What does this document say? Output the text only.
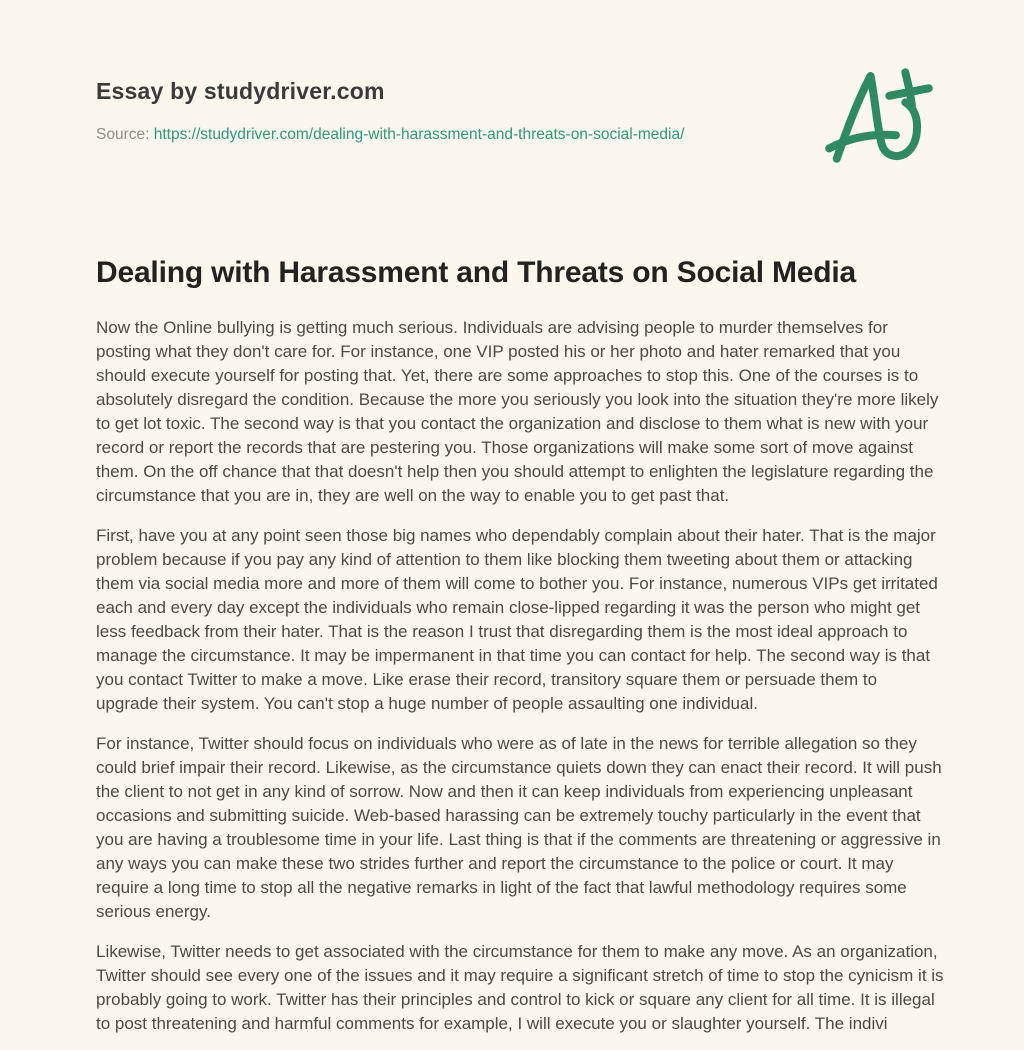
Essay by studydriver.com
Source: https://studydriver.com/dealing-with-harassment-and-threats-on-social-media/
Dealing with Harassment and Threats on Social Media

Now the Online bullying is getting much serious. Individuals are advising people to murder themselves for posting what they don't care for. For instance, one VIP posted his or her photo and hater remarked that you should execute yourself for posting that. Yet, there are some approaches to stop this. One of the courses is to absolutely disregard the condition. Because the more you seriously you look into the situation they're more likely to get lot toxic. The second way is that you contact the organization and disclose to them what is new with your record or report the records that are pestering you. Those organizations will make some sort of move against them. On the off chance that that doesn't help then you should attempt to enlighten the legislature regarding the circumstance that you are in, they are well on the way to enable you to get past that.

First, have you at any point seen those big names who dependably complain about their hater. That is the major problem because if you pay any kind of attention to them like blocking them tweeting about them or attacking them via social media more and more of them will come to bother you. For instance, numerous VIPs get irritated each and every day except the individuals who remain close-lipped regarding it was the person who might get less feedback from their hater. That is the reason I trust that disregarding them is the most ideal approach to manage the circumstance. It may be impermanent in that time you can contact for help. The second way is that you contact Twitter to make a move. Like erase their record, transitory square them or persuade them to upgrade their system. You can't stop a huge number of people assaulting one individual.

For instance, Twitter should focus on individuals who were as of late in the news for terrible allegation so they could brief impair their record. Likewise, as the circumstance quiets down they can enact their record. It will push the client to not get in any kind of sorrow. Now and then it can keep individuals from experiencing unpleasant occasions and submitting suicide. Web-based harassing can be extremely touchy particularly in the event that you are having a troublesome time in your life. Last thing is that if the comments are threatening or aggressive in any ways you can make these two strides further and report the circumstance to the police or court. It may require a long time to stop all the negative remarks in light of the fact that lawful methodology requires some serious energy.

Likewise, Twitter needs to get associated with the circumstance for them to make any move. As an organization, Twitter should see every one of the issues and it may require a significant stretch of time to stop the cynicism it is probably going to work. Twitter has their principles and control to kick or square any client for all time. It is illegal to post threatening and harmful comments for example, I will execute you or slaughter yourself. The indivi
